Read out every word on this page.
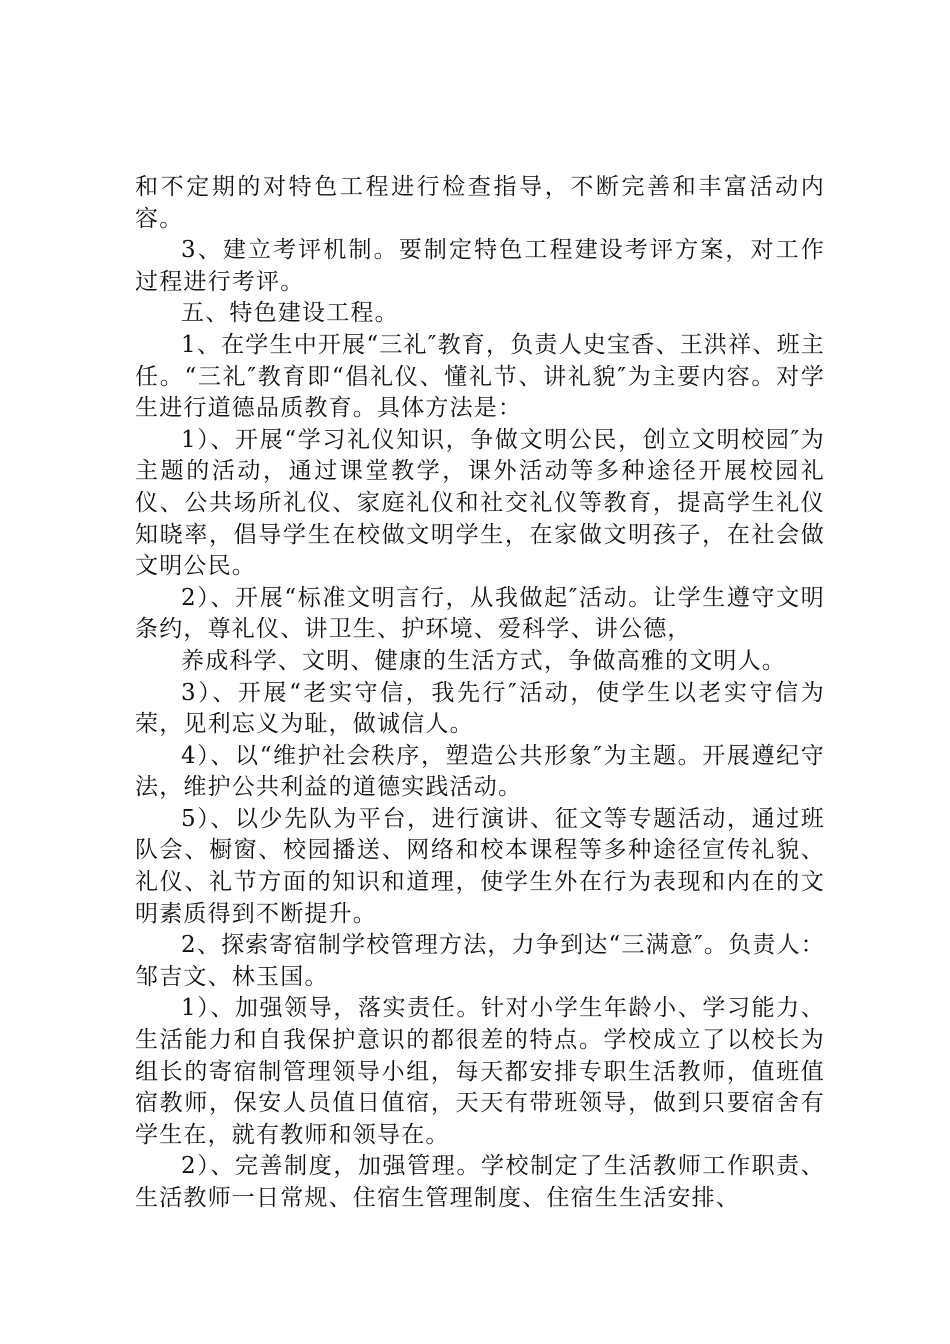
和不定期的对特色工程进行检查指导，不断完善和丰富活动内容。

3、建立考评机制。要制定特色工程建设考评方案，对工作过程进行考评。

五、特色建设工程。

1、在学生中开展“三礼″教育，负责人史宝香、王洪祥、班主任。“三礼″教育即“倡礼仪、懂礼节、讲礼貌″为主要内容。对学生进行道德品质教育。具体方法是：

1）、开展“学习礼仪知识，争做文明公民，创立文明校园″为主题的活动，通过课堂教学，课外活动等多种途径开展校园礼仪、公共场所礼仪、家庭礼仪和社交礼仪等教育，提高学生礼仪知晓率，倡导学生在校做文明学生，在家做文明孩子，在社会做文明公民。

2）、开展“标准文明言行，从我做起″活动。让学生遵守文明条约，尊礼仪、讲卫生、护环境、爱科学、讲公德，

养成科学、文明、健康的生活方式，争做高雅的文明人。

3）、开展“老实守信，我先行″活动，使学生以老实守信为荣，见利忘义为耻，做诚信人。

4）、以“维护社会秩序，塑造公共形象″为主题。开展遵纪守法，维护公共利益的道德实践活动。

5）、以少先队为平台，进行演讲、征文等专题活动，通过班队会、橱窗、校园播送、网络和校本课程等多种途径宣传礼貌、礼仪、礼节方面的知识和道理，使学生外在行为表现和内在的文明素质得到不断提升。

2、探索寄宿制学校管理方法，力争到达“三满意″。负责人：邹吉文、林玉国。

1）、加强领导，落实责任。针对小学生年龄小、学习能力、生活能力和自我保护意识的都很差的特点。学校成立了以校长为组长的寄宿制管理领导小组，每天都安排专职生活教师，值班值宿教师，保安人员值日值宿，天天有带班领导，做到只要宿舍有学生在，就有教师和领导在。

2）、完善制度，加强管理。学校制定了生活教师工作职责、生活教师一日常规、住宿生管理制度、住宿生生活安排、
